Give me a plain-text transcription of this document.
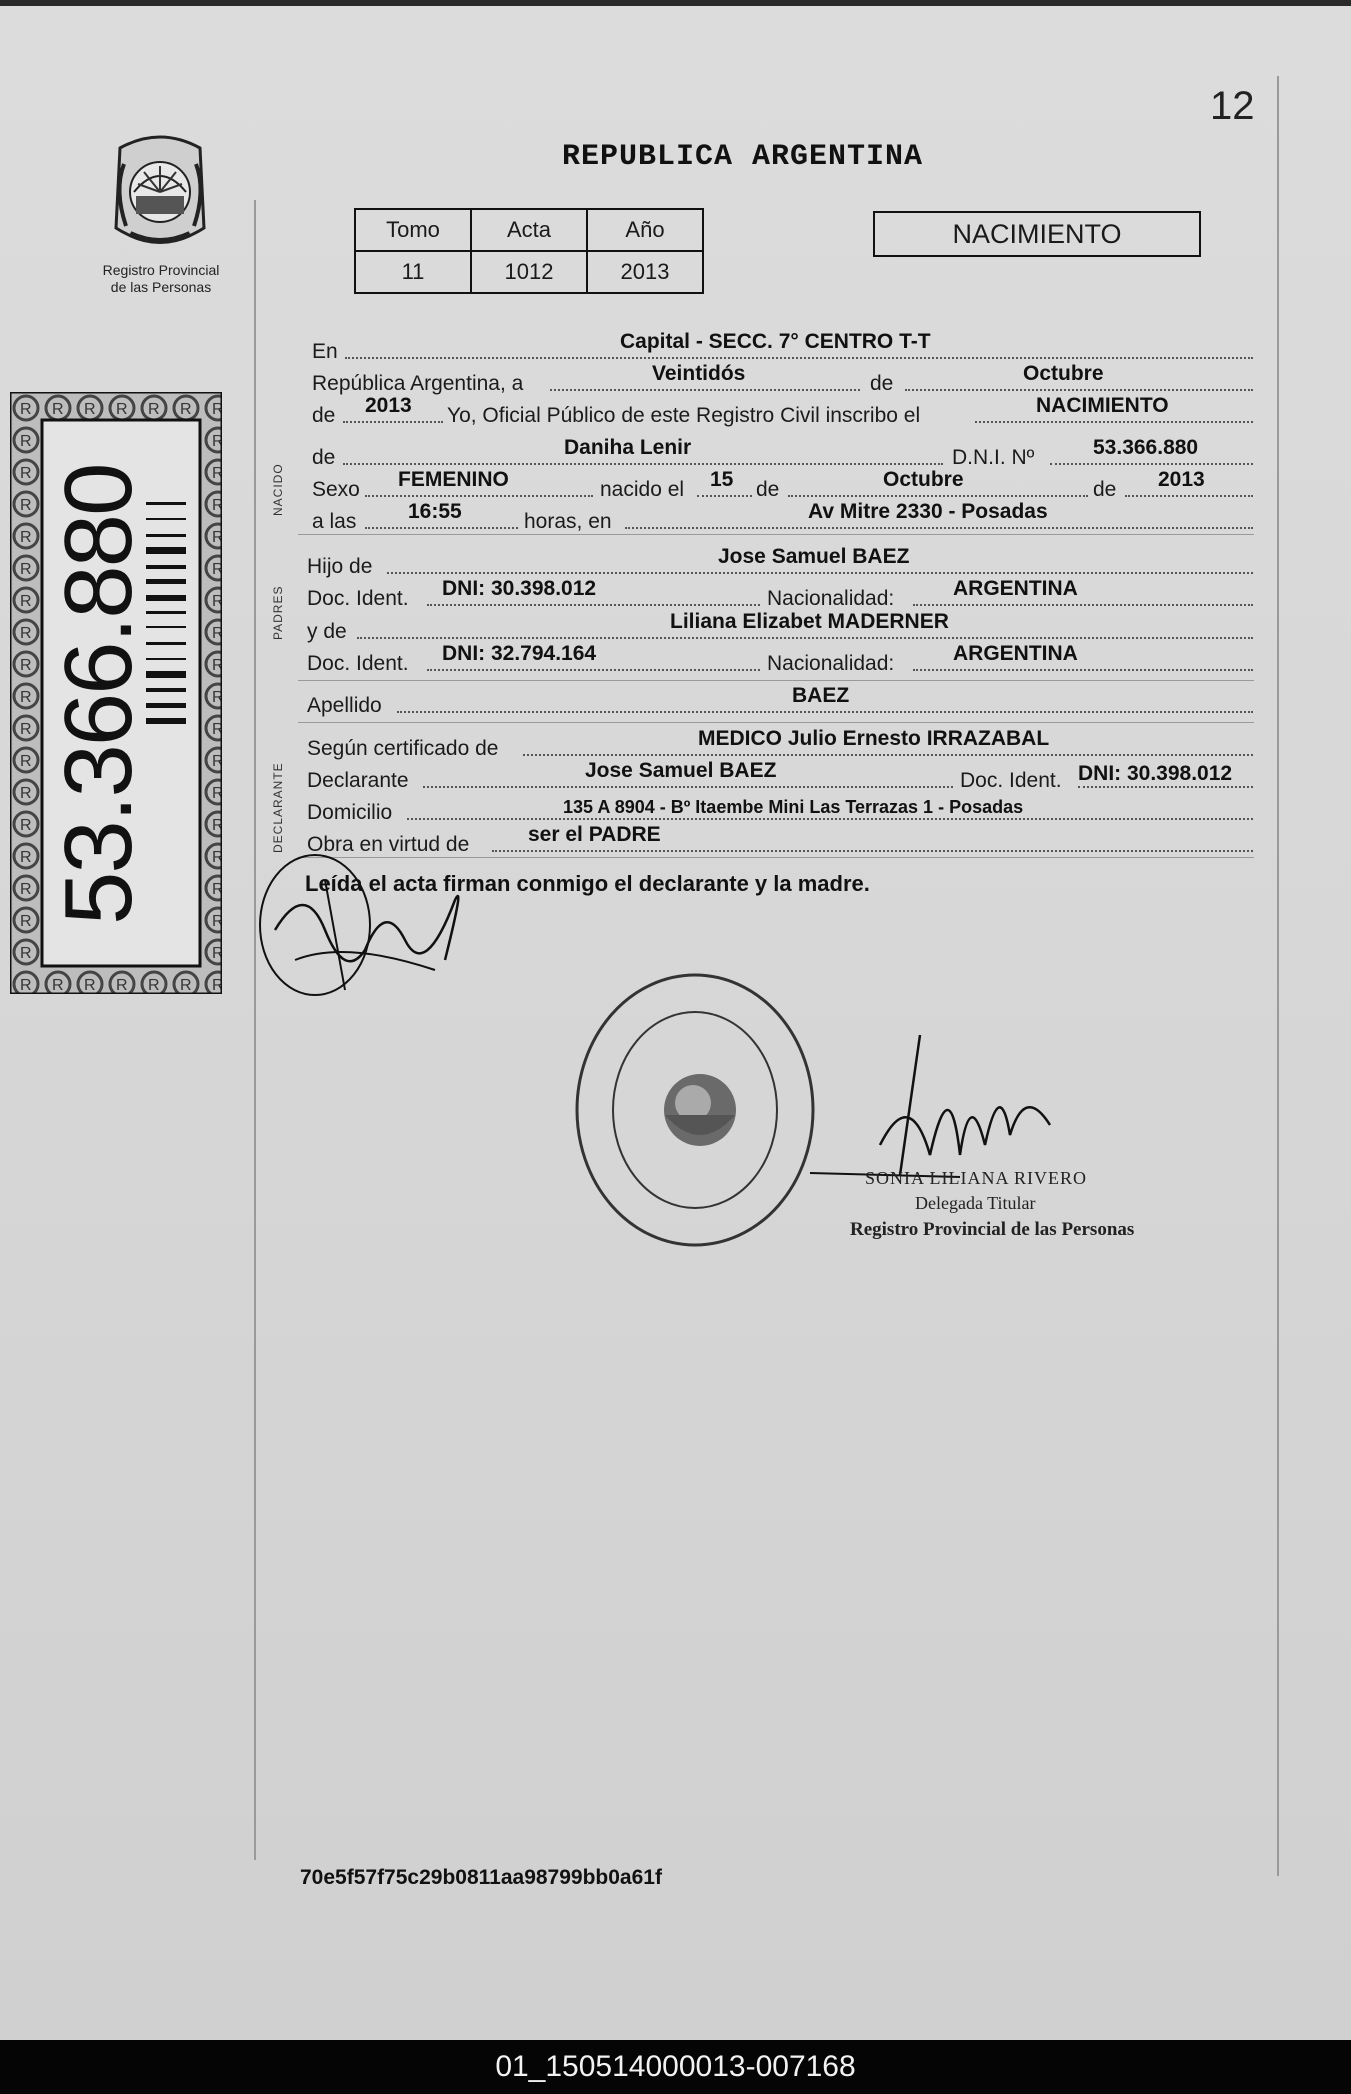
12
Registro Provincial
de las Personas
53.366.880
REPUBLICA ARGENTINA
Tomo	Acta	Año
11	1012	2013
NACIMIENTO
NACIDO
PADRES
DECLARANTE
En	Capital - SECC. 7° CENTRO T-T
República Argentina, a	Veintidós	de	Octubre
de 2013 Yo, Oficial Público de este Registro Civil inscribo el	NACIMIENTO
de	Daniha Lenir	D.N.I. Nº	53.366.880
Sexo FEMENINO	nacido el 15 de	Octubre	de 2013
a las 16:55	horas, en	Av Mitre 2330 - Posadas
Hijo de	Jose Samuel BAEZ
Doc. Ident. DNI: 30.398.012	Nacionalidad:	ARGENTINA
y de	Liliana Elizabet MADERNER
Doc. Ident. DNI: 32.794.164	Nacionalidad:	ARGENTINA
Apellido	BAEZ
Según certificado de	MEDICO Julio Ernesto IRRAZABAL
Declarante	Jose Samuel BAEZ	Doc. Ident. DNI: 30.398.012
Domicilio	135 A 8904 - Bº Itaembe Mini Las Terrazas 1 - Posadas
Obra en virtud de	ser el PADRE
Leída el acta firman conmigo el declarante y la madre.
SONIA LILIANA RIVERO
Delegada Titular
Registro Provincial de las Personas
70e5f57f75c29b0811aa98799bb0a61f
01_150514000013-007168
